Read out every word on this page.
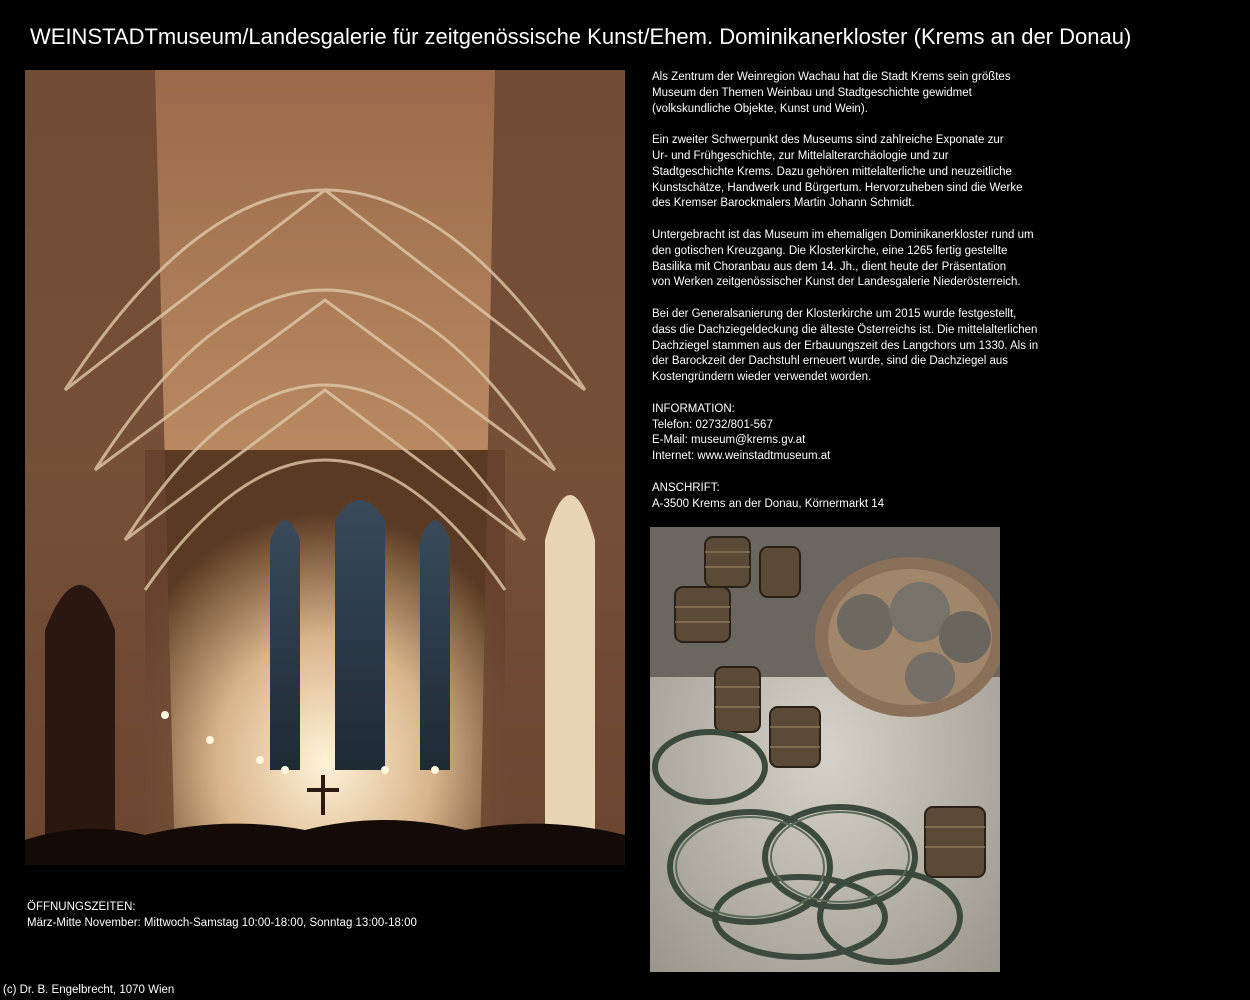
WEINSTADTmuseum/Landesgalerie für zeitgenössische Kunst/Ehem. Dominikanerkloster (Krems an der Donau)

Als Zentrum der Weinregion Wachau hat die Stadt Krems sein größtes
Museum den Themen Weinbau und Stadtgeschichte gewidmet
(volkskundliche Objekte, Kunst und Wein).

Ein zweiter Schwerpunkt des Museums sind zahlreiche Exponate zur
Ur- und Frühgeschichte, zur Mittelalterarchäologie und zur
Stadtgeschichte Krems. Dazu gehören mittelalterliche und neuzeitliche
Kunstschätze, Handwerk und Bürgertum. Hervorzuheben sind die Werke
des Kremser Barockmalers Martin Johann Schmidt.

Untergebracht ist das Museum im ehemaligen Dominikanerkloster rund um
den gotischen Kreuzgang. Die Klosterkirche, eine 1265 fertig gestellte
Basilika mit Choranbau aus dem 14. Jh., dient heute der Präsentation
von Werken zeitgenössischer Kunst der Landesgalerie Niederösterreich.

Bei der Generalsanierung der Klosterkirche um 2015 wurde festgestellt,
dass die Dachziegeldeckung die älteste Österreichs ist. Die mittelalterlichen
Dachziegel stammen aus der Erbauungszeit des Langchors um 1330. Als in
der Barockzeit der Dachstuhl erneuert wurde, sind die Dachziegel aus
Kostengründern wieder verwendet worden.

INFORMATION:
Telefon: 02732/801-567
E-Mail: museum@krems.gv.at
Internet: www.weinstadtmuseum.at
ANSCHRIFT:
A-3500 Krems an der Donau, Körnermarkt 14
ÖFFNUNGSZEITEN:
März-Mitte November: Mittwoch-Samstag 10:00-18:00, Sonntag 13:00-18:00
(c) Dr. B. Engelbrecht, 1070 Wien
